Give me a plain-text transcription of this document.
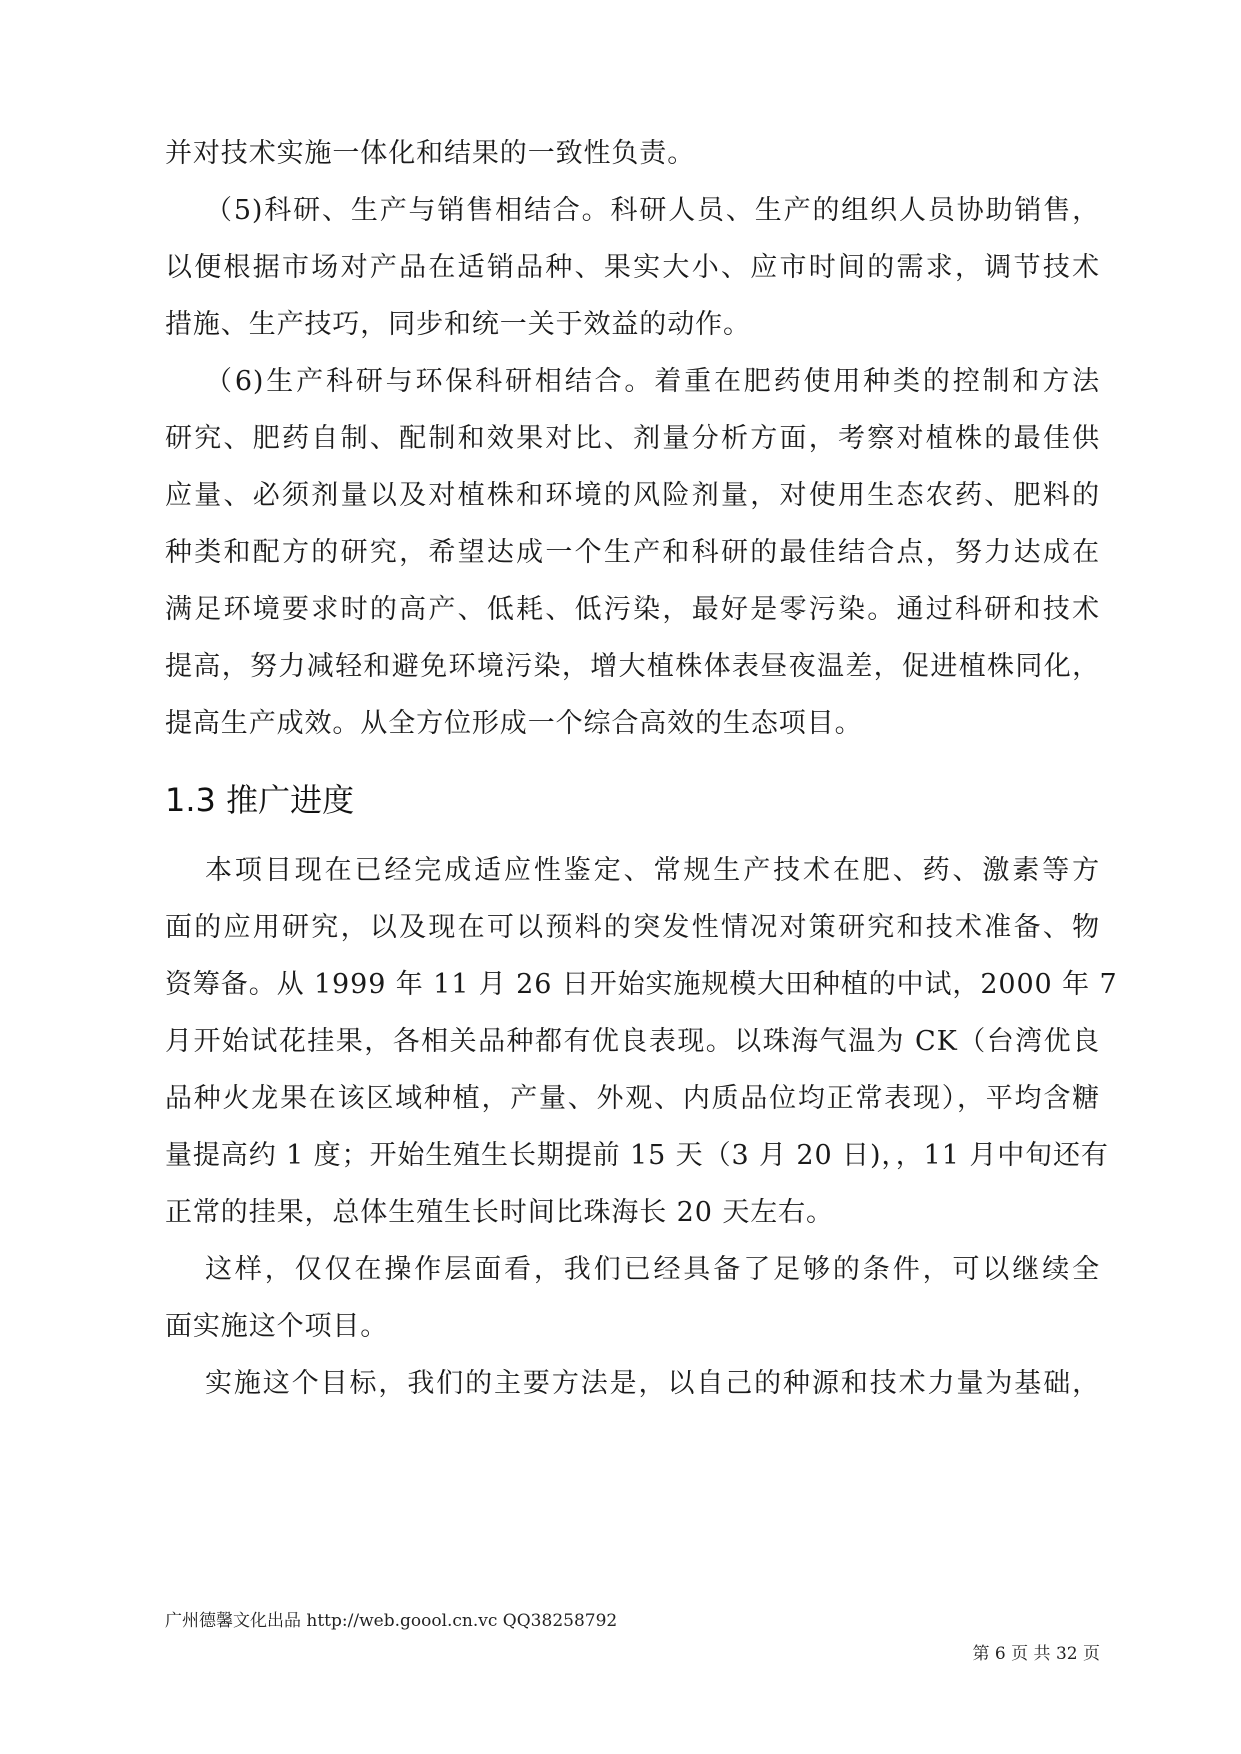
并对技术实施一体化和结果的一致性负责。
（5)科研、生产与销售相结合。科研人员、生产的组织人员协助销售，
以便根据市场对产品在适销品种、果实大小、应市时间的需求，调节技术
措施、生产技巧，同步和统一关于效益的动作。
（6)生产科研与环保科研相结合。着重在肥药使用种类的控制和方法
研究、肥药自制、配制和效果对比、剂量分析方面，考察对植株的最佳供
应量、必须剂量以及对植株和环境的风险剂量，对使用生态农药、肥料的
种类和配方的研究，希望达成一个生产和科研的最佳结合点，努力达成在
满足环境要求时的高产、低耗、低污染，最好是零污染。通过科研和技术
提高，努力减轻和避免环境污染，增大植株体表昼夜温差，促进植株同化，
提高生产成效。从全方位形成一个综合高效的生态项目。
1.3 推广进度
本项目现在已经完成适应性鉴定、常规生产技术在肥、药、激素等方
面的应用研究，以及现在可以预料的突发性情况对策研究和技术准备、物
资筹备。从 1999 年 11 月 26 日开始实施规模大田种植的中试，2000 年 7
月开始试花挂果，各相关品种都有优良表现。以珠海气温为 CK（台湾优良
品种火龙果在该区域种植，产量、外观、内质品位均正常表现），平均含糖
量提高约 1 度；开始生殖生长期提前 15 天（3 月 20 日)，，11 月中旬还有
正常的挂果，总体生殖生长时间比珠海长 20 天左右。
这样，仅仅在操作层面看，我们已经具备了足够的条件，可以继续全
面实施这个项目。
实施这个目标，我们的主要方法是，以自己的种源和技术力量为基础，
广州德馨文化出品 http://web.goool.cn.vc QQ38258792
第 6 页 共 32 页
